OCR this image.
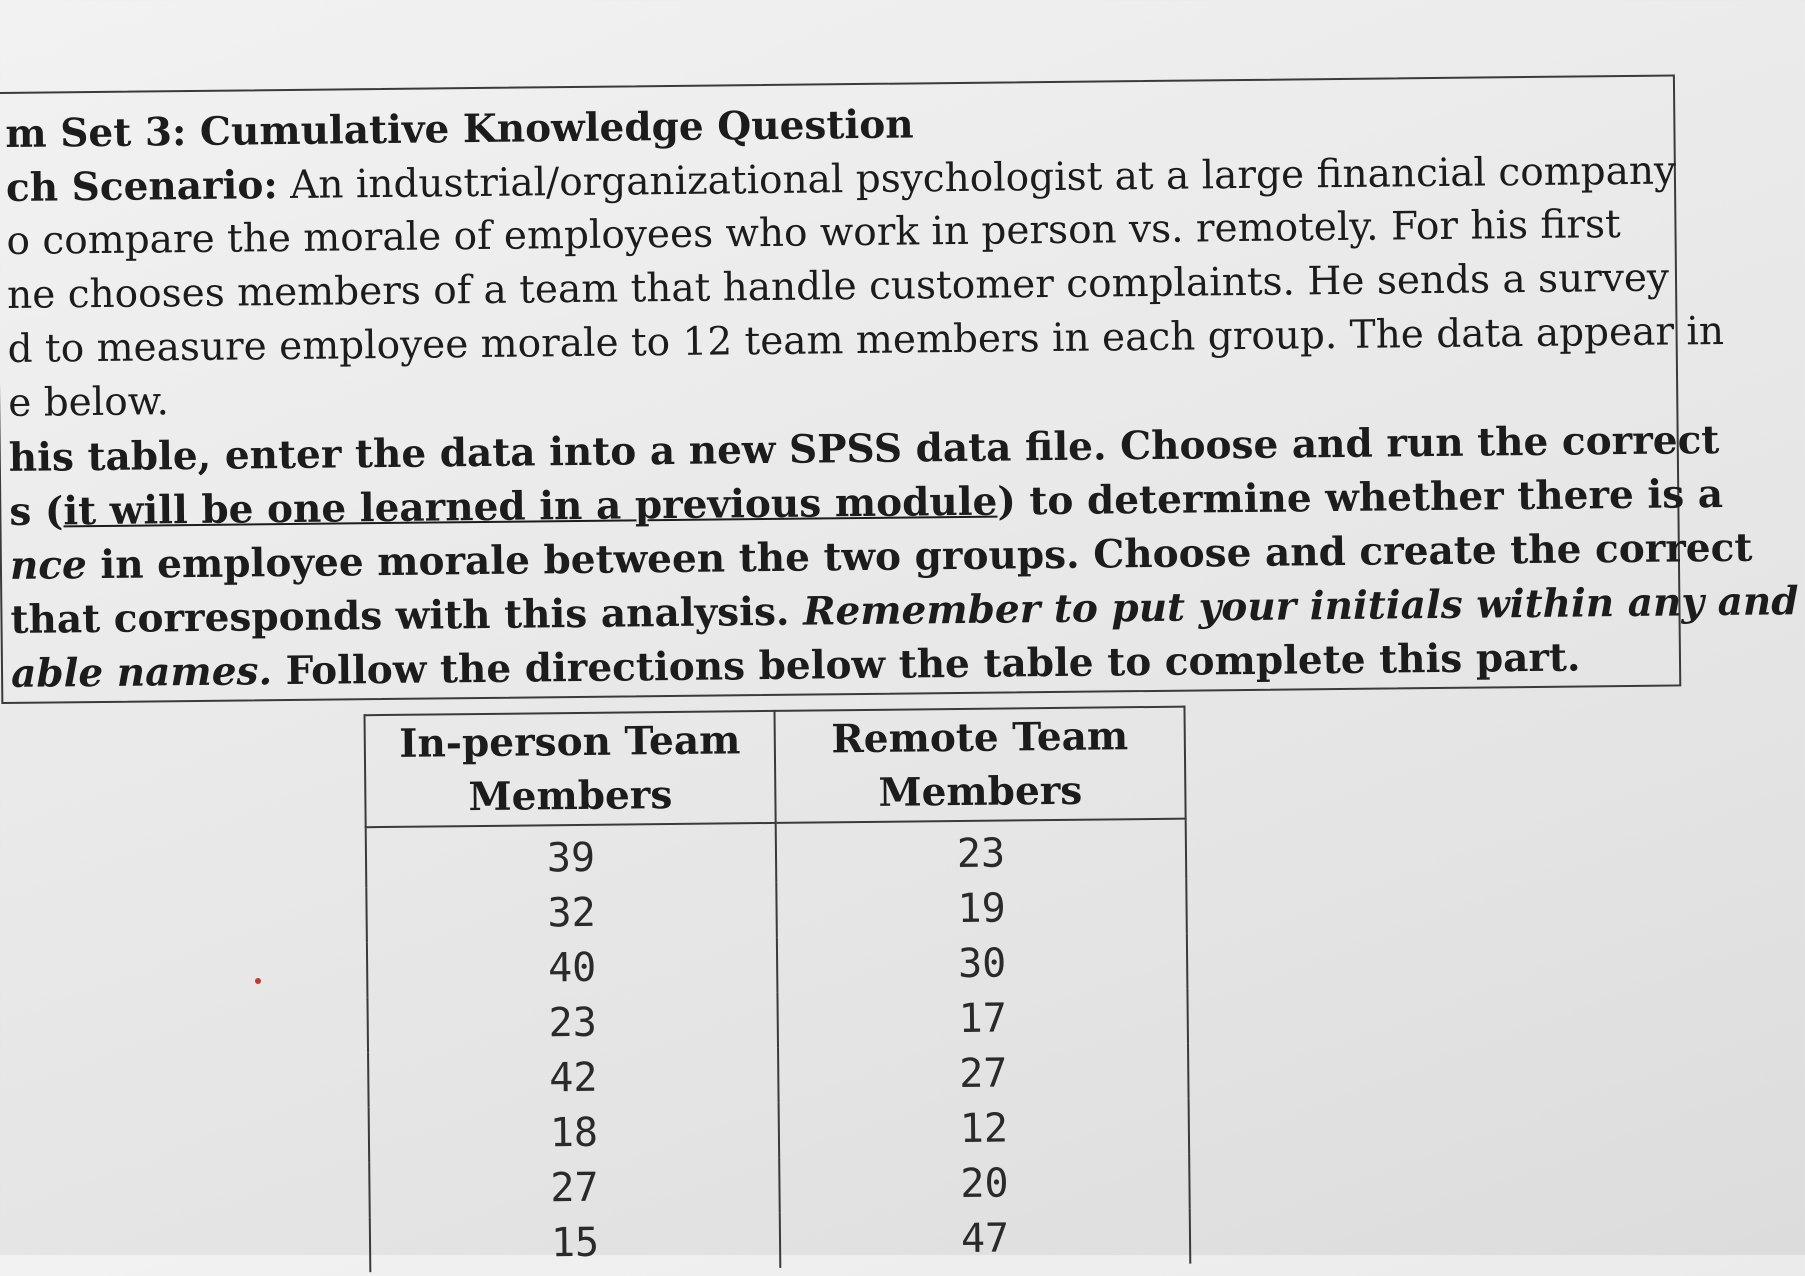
m Set 3: Cumulative Knowledge Question
ch Scenario: An industrial/organizational psychologist at a large financial company
o compare the morale of employees who work in person vs. remotely. For his first
ne chooses members of a team that handle customer complaints. He sends a survey
d to measure employee morale to 12 team members in each group. The data appear in
e below.
his table, enter the data into a new SPSS data file. Choose and run the correct
s (it will be one learned in a previous module) to determine whether there is a
nce in employee morale between the two groups. Choose and create the correct
that corresponds with this analysis. Remember to put your initials within any and
able names. Follow the directions below the table to complete this part.
In-person Team Members	Remote Team Members
39	23
32	19
40	30
23	17
42	27
18	12
27	20
15	47
